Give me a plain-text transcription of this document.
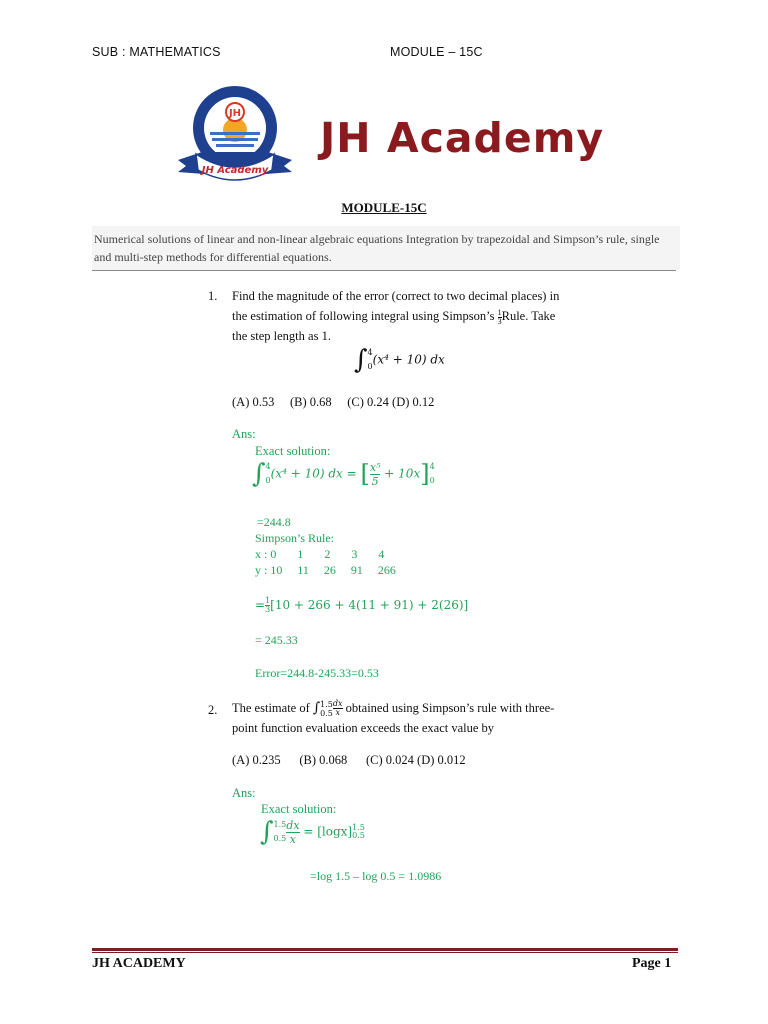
SUB : MATHEMATICS	MODULE – 15C
JH
JH Academy
JH Academy
MODULE-15C
Numerical solutions of linear and non-linear algebraic equations Integration by trapezoidal and Simpson’s rule, single and multi-step methods for differential equations.
1. Find the magnitude of the error (correct to two decimal places) in
the estimation of following integral using Simpson’s $\frac{1}{3}$ Rule. Take
the step length as 1.
∫ 4
0 (x⁴ + 10) dx
(A) 0.53     (B) 0.68     (C) 0.24 (D) 0.12
Ans:
Exact solution:
∫ 4
0 (x⁴ + 10) dx = [ $\frac{\text{x⁵}}{5} + 10x$] 4
0
=244.8
Simpson’s Rule:
x : 0       1       2       3       4
y : 10     11     26     91     266
= $\frac{1}{3} [10 + 266 + 4(11 + 91) + 2(26)]$
= 245.33
Error=244.8-245.33=0.53
2. The estimate of ∫ 1.5
$0.5 \frac{dx}{x}$ obtained using Simpson’s rule with three-
point function evaluation exceeds the exact value by
(A) 0.235      (B) 0.068      (C) 0.024 (D) 0.012
Ans:
Exact solution:
∫ 1.5
$0.5 \frac{dx}{x} = [\log x]$ 1.5
0.5
=log 1.5 – log 0.5 = 1.0986
JH ACADEMY	Page 1
